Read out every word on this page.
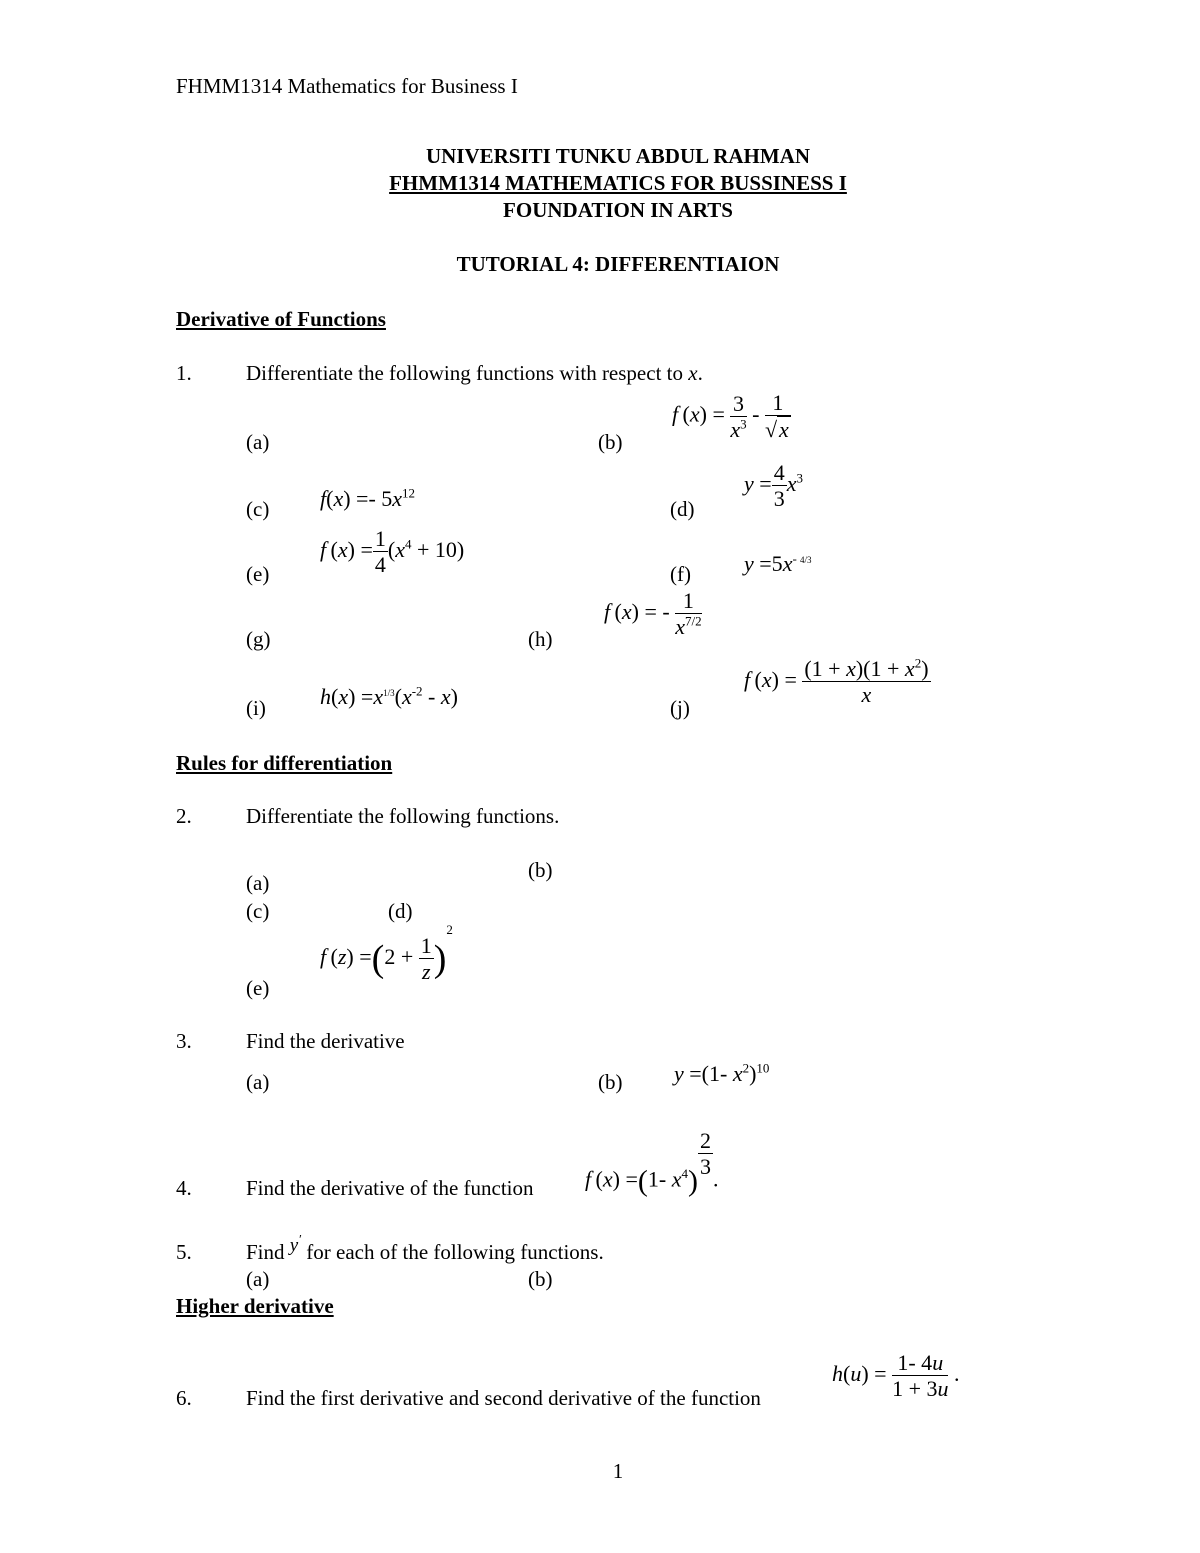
FHMM1314 Mathematics for Business I
UNIVERSITI TUNKU ABDUL RAHMAN
FHMM1314 MATHEMATICS FOR BUSSINESS I
FOUNDATION IN ARTS
TUTORIAL 4: DIFFERENTIAION
Derivative of Functions
1.	Differentiate the following functions with respect to x.
(a)	(b)
f $(x) = \frac{3}{x^3} - \frac{1}{√x}$
(c) $f(x) =- 5x^{12}$
(d)
$y = \frac{4}{3} x^3$
(e)
f $(x) = \frac{1}{4} (x^4 + 10)$
(f) $y =5x^{- 4/3}$
(g)	(h)
f (x) = - $\frac{1}{x^{7/2}}$
(i) $h(x) =x^{1/3}(x^{-2} - x)$	(j)
f $(x) = \frac{(1 + x)(1 + x^2)}{x}$
Rules for differentiation
2.	Differentiate the following functions.
(b)
(a)
(c)	(d)
(e)
f $(z) =(2 + \frac{1}{z} )^2$
3.	Find the derivative
(a)	(b) y =(1- $x^2)^{10}$
4.	Find the derivative of the function f (x) =(1- $x^4$)
$\frac{2}{3}$ .
5.	Find y′ for each of the following functions.
(a)	(b)
Higher derivative
6.	Find the first derivative and second derivative of the function
$h(u) = \frac{1- 4u}{1 + 3u}$ .
1
